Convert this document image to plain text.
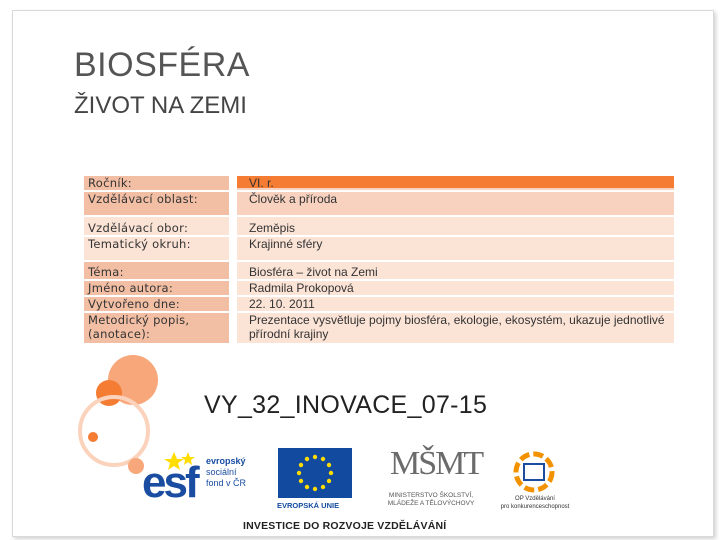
BIOSFÉRA
ŽIVOT NA ZEMI
Ročník:		VI. r.
Vzdělávací oblast:		Člověk a příroda
Vzdělávací obor:		Zeměpis
Tematický okruh:		Krajinné sféry
Téma:		Biosféra – život na Zemi
Jméno autora:		Radmila Prokopová
Vytvořeno dne:		22. 10. 2011
Metodický popis, (anotace):		Prezentace vysvětluje pojmy biosféra, ekologie, ekosystém, ukazuje jednotlivé přírodní krajiny
VY_32_INOVACE_07-15
esf evropský
sociální
fond v ČR
EVROPSKÁ UNIE
MŠMT
MINISTERSTVO ŠKOLSTVÍ,
MLÁDEŽE A TĚLOVÝCHOVY
OP Vzdělávání
pro konkurenceschopnost
INVESTICE DO ROZVOJE VZDĚLÁVÁNÍ
